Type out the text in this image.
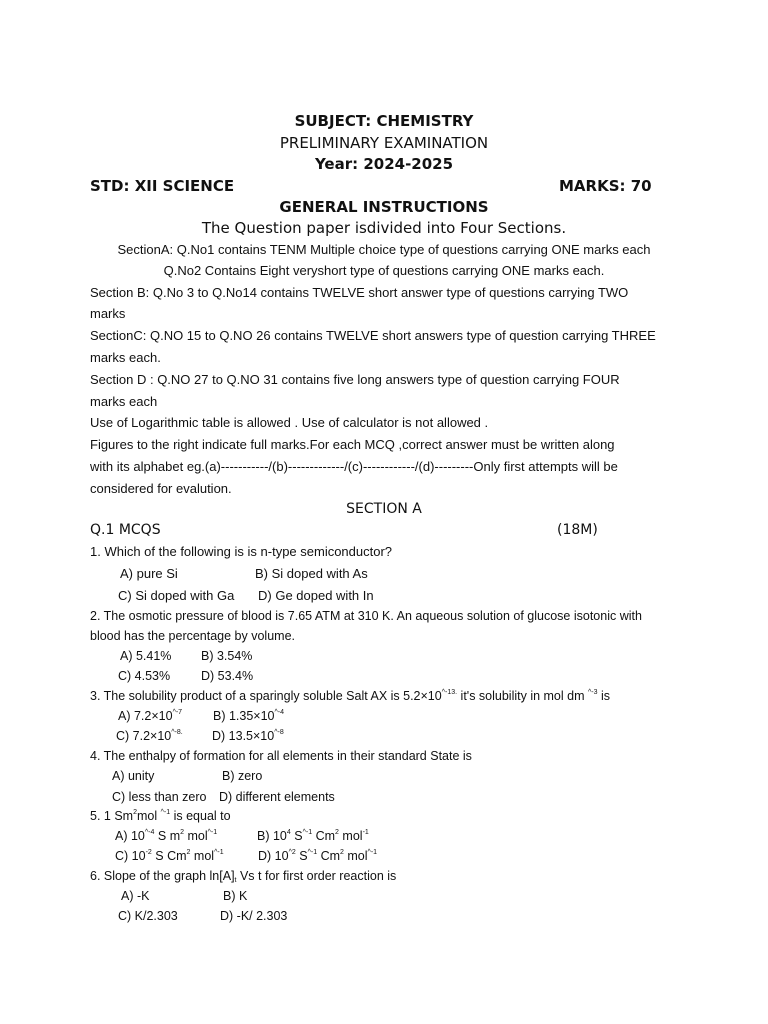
SUBJECT: CHEMISTRY
PRELIMINARY EXAMINATION
Year: 2024-2025
STD: XII SCIENCE	MARKS: 70
GENERAL INSTRUCTIONS
The Question paper isdivided into Four Sections.
SectionA: Q.No1 contains TENM Multiple choice type of questions carrying ONE marks each
Q.No2 Contains Eight veryshort type of questions carrying ONE marks each.
Section B: Q.No 3 to Q.No14 contains TWELVE short answer type of questions carrying TWO
marks
SectionC: Q.NO 15 to Q.NO 26 contains TWELVE short answers type of question carrying THREE
marks each.
Section D : Q.NO 27 to Q.NO 31 contains five long answers type of question carrying FOUR
marks each
Use of Logarithmic table is allowed . Use of calculator is not allowed .
Figures to the right indicate full marks.For each MCQ ,correct answer must be written along
with its alphabet eg.(a)-----------/(b)-------------/(c)------------/(d)---------Only first attempts will be
considered for evalution.
SECTION A
Q.1 MCQS	(18M)
1. Which of the following is is n-type semiconductor?
A) pure Si	B) Si doped with As
C) Si doped with Ga D) Ge doped with In
2. The osmotic pressure of blood is 7.65 ATM at 310 K. An aqueous solution of glucose isotonic with
blood has the percentage by volume.
A) 5.41% B) 3.54%
C) 4.53% D) 53.4%
3. The solubility product of a sparingly soluble Salt AX is $5.2\times 10^{\^{}-13.}$ it's solubility in mol dm $^{\^{}-3}$ is
A) $7.2\times 10^{\^{}-7}$ B) $1.35\times 10^{\^{}-4}$
C) $7.2\times 10^{\^{}-8.}$ D) $13.5\times 10^{\^{}-8}$
4. The enthalpy of formation for all elements in their standard State is
A) unity	B) zero
C) less than zero D) different elements
5. 1 Sm$^2$mol $^{\^{}-1}$ is equal to
A) $10^{\^{}-4}$ S $m^2$ mol$^{\^{}-1}$	B) $10^4$ $S^{\^{}-1}$ Cm$^2$ mol$^{-1}$
C) $10^{-2}$ S Cm$^2$ mol$^{\^{}-1}$	D) $10^{\^{}2}$ $S^{\^{}-1}$ Cm$^2$ mol$^{\^{}-1}$
6. Slope of the graph $\ln[A]_t$ Vs t for first order reaction is
A) -K	B) K
C) K/2.303	D) -K/ 2.303
